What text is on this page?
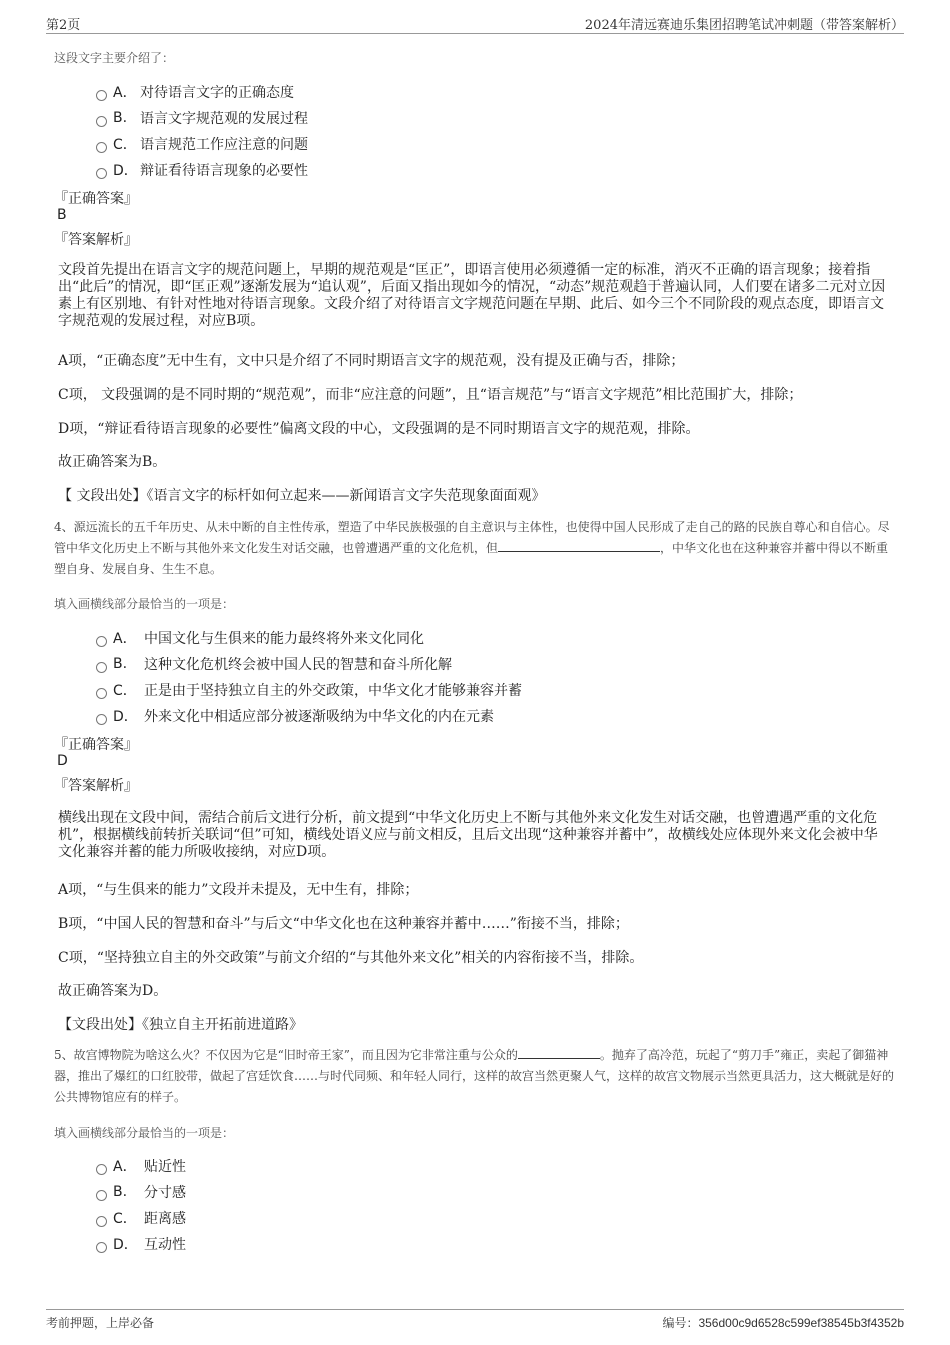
第2页	2024年清远赛迪乐集团招聘笔试冲刺题（带答案解析）
这段文字主要介绍了：
A． 对待语言文字的正确态度
B. 语言文字规范观的发展过程
C． 语言规范工作应注意的问题
D． 辩证看待语言现象的必要性
『正确答案』
B
『答案解析』

文段首先提出在语言文字的规范问题上，早期的规范观是“匡正”，即语言使用必须遵循一定的标准，消灭不正确的语言现象；接着指出“此后”的情况，即“匡正观”逐渐发展为“追认观”，后面又指出现如今的情况，“动态”规范观趋于普遍认同，人们要在诸多二元对立因素上有区别地、有针对性地对待语言现象。文段介绍了对待语言文字规范问题在早期、此后、如今三个不同阶段的观点态度，即语言文字规范观的发展过程，对应B项。

A项，“正确态度”无中生有，文中只是介绍了不同时期语言文字的规范观，没有提及正确与否，排除；
C项， 文段强调的是不同时期的“规范观”，而非“应注意的问题”，且“语言规范”与“语言文字规范”相比范围扩大，排除；
D项，“辩证看待语言现象的必要性”偏离文段的中心，文段强调的是不同时期语言文字的规范观，排除。
故正确答案为B。
【 文段出处】《语言文字的标杆如何立起来——新闻语言文字失范现象面面观》

4、源远流长的五千年历史、从未中断的自主性传承，塑造了中华民族极强的自主意识与主体性，也使得中国人民形成了走自己的路的民族自尊心和自信心。尽管中华文化历史上不断与其他外来文化发生对话交融，也曾遭遇严重的文化危机，但	，中华文化也在这种兼容并蓄中得以不断重塑自身、发展自身、生生不息。

填入画横线部分最恰当的一项是：
A． 中国文化与生俱来的能力最终将外来文化同化
B.	这种文化危机终会被中国人民的智慧和奋斗所化解
C． 正是由于坚持独立自主的外交政策，中华文化才能够兼容并蓄
D． 外来文化中相适应部分被逐渐吸纳为中华文化的内在元素
『正确答案』
D
『答案解析』

横线出现在文段中间，需结合前后文进行分析，前文提到“中华文化历史上不断与其他外来文化发生对话交融，也曾遭遇严重的文化危机”，根据横线前转折关联词“但”可知，横线处语义应与前文相反，且后文出现“这种兼容并蓄中”，故横线处应体现外来文化会被中华文化兼容并蓄的能力所吸收接纳，对应D项。

A项，“与生俱来的能力”文段并未提及，无中生有，排除；
B项，“中国人民的智慧和奋斗”与后文“中华文化也在这种兼容并蓄中……”衔接不当，排除；
C项，“坚持独立自主的外交政策”与前文介绍的“与其他外来文化”相关的内容衔接不当，排除。
故正确答案为D。
【文段出处】《独立自主开拓前进道路》

5、故宫博物院为啥这么火？不仅因为它是“旧时帝王家”，而且因为它非常注重与公众的	。抛弃了高冷范，玩起了“剪刀手”雍正，卖起了御猫神器，推出了爆红的口红胶带，做起了宫廷饮食……与时代同频、和年轻人同行，这样的故宫当然更聚人气，这样的故宫文物展示当然更具活力，这大概就是好的公共博物馆应有的样子。

填入画横线部分最恰当的一项是：
A． 贴近性
B.	分寸感
C． 距离感
D． 互动性
考前押题，上岸必备	编号：356d00c9d6528c599ef38545b3f4352b
